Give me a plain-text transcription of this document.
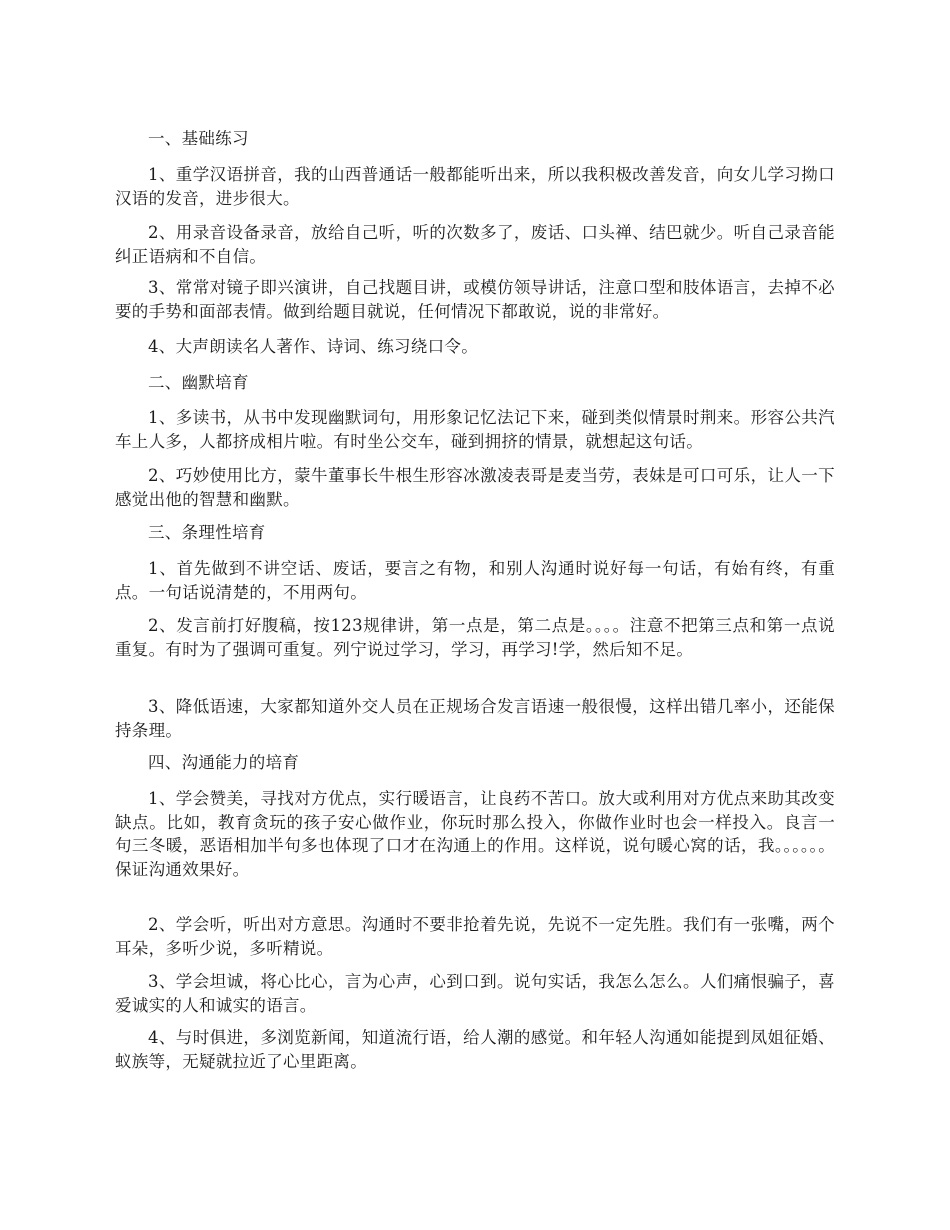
一、基础练习

1、重学汉语拼音，我的山西普通话一般都能听出来，所以我积极改善发音，向女儿学习拗口汉语的发音，进步很大。

2、用录音设备录音，放给自己听，听的次数多了，废话、口头禅、结巴就少。听自己录音能纠正语病和不自信。

3、常常对镜子即兴演讲，自己找题目讲，或模仿领导讲话，注意口型和肢体语言，去掉不必要的手势和面部表情。做到给题目就说，任何情况下都敢说，说的非常好。

4、大声朗读名人著作、诗词、练习绕口令。

二、幽默培育

1、多读书，从书中发现幽默词句，用形象记忆法记下来，碰到类似情景时荆来。形容公共汽车上人多，人都挤成相片啦。有时坐公交车，碰到拥挤的情景，就想起这句话。

2、巧妙使用比方，蒙牛董事长牛根生形容冰激凌表哥是麦当劳，表妹是可口可乐，让人一下感觉出他的智慧和幽默。

三、条理性培育

1、首先做到不讲空话、废话，要言之有物，和别人沟通时说好每一句话，有始有终，有重点。一句话说清楚的，不用两句。

2、发言前打好腹稿，按123规律讲，第一点是，第二点是。。。。注意不把第三点和第一点说重复。有时为了强调可重复。列宁说过学习，学习，再学习!学，然后知不足。

3、降低语速，大家都知道外交人员在正规场合发言语速一般很慢，这样出错几率小，还能保持条理。

四、沟通能力的培育

1、学会赞美，寻找对方优点，实行暖语言，让良药不苦口。放大或利用对方优点来助其改变缺点。比如，教育贪玩的孩子安心做作业，你玩时那么投入，你做作业时也会一样投入。良言一句三冬暖，恶语相加半句多也体现了口才在沟通上的作用。这样说，说句暖心窝的话，我。。。。。。保证沟通效果好。

2、学会听，听出对方意思。沟通时不要非抢着先说，先说不一定先胜。我们有一张嘴，两个耳朵，多听少说，多听精说。

3、学会坦诚，将心比心，言为心声，心到口到。说句实话，我怎么怎么。人们痛恨骗子，喜爱诚实的人和诚实的语言。

4、与时俱进，多浏览新闻，知道流行语，给人潮的感觉。和年轻人沟通如能提到凤姐征婚、蚁族等，无疑就拉近了心里距离。
